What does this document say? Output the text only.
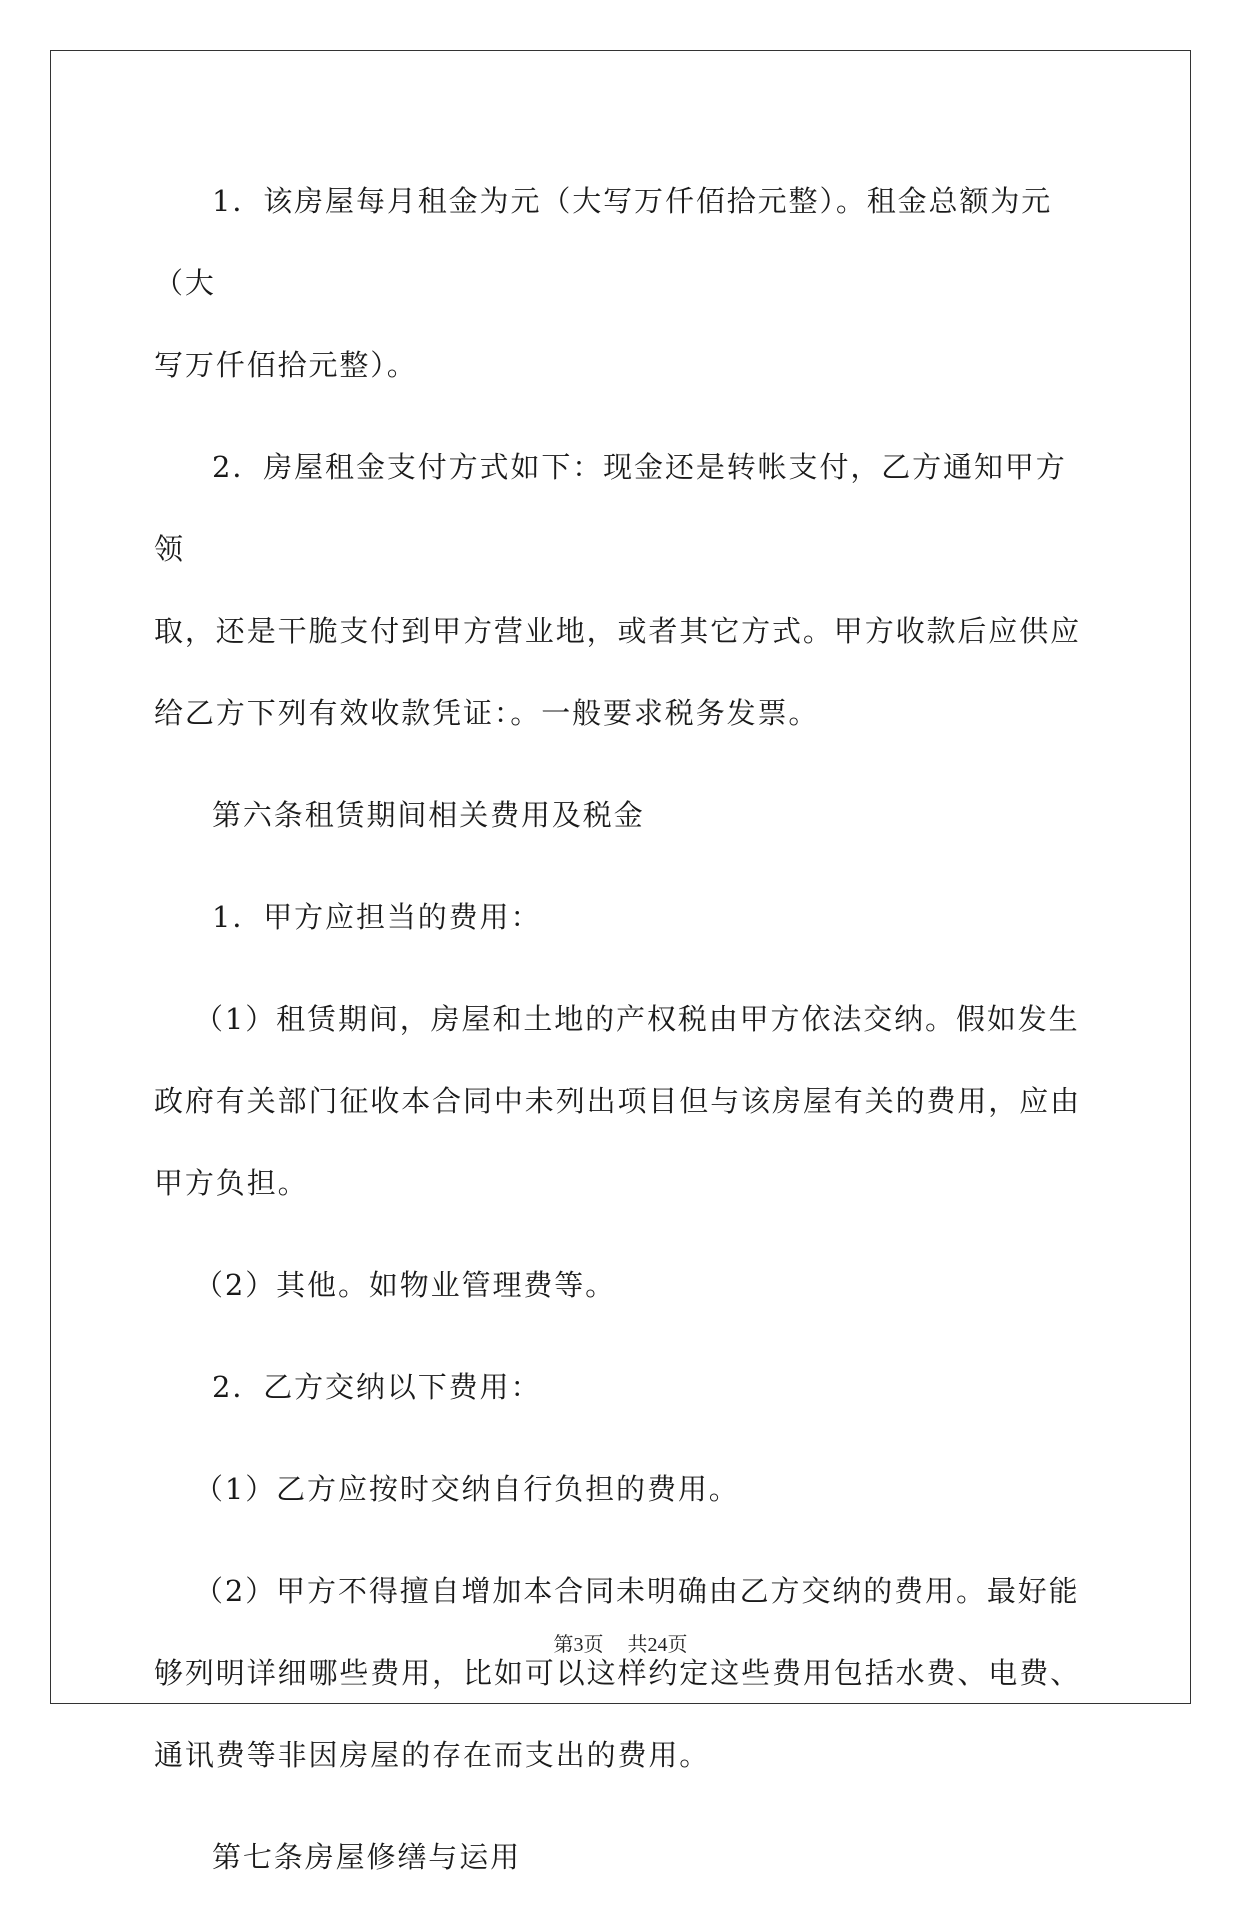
1．该房屋每月租金为元（大写万仟佰拾元整）。租金总额为元（大
写万仟佰拾元整）。

2．房屋租金支付方式如下：现金还是转帐支付，乙方通知甲方领
取，还是干脆支付到甲方营业地，或者其它方式。甲方收款后应供应
给乙方下列有效收款凭证：。一般要求税务发票。

第六条租赁期间相关费用及税金

1．甲方应担当的费用：

（1）租赁期间，房屋和土地的产权税由甲方依法交纳。假如发生
政府有关部门征收本合同中未列出项目但与该房屋有关的费用，应由
甲方负担。

（2）其他。如物业管理费等。

2．乙方交纳以下费用：

（1）乙方应按时交纳自行负担的费用。

（2）甲方不得擅自增加本合同未明确由乙方交纳的费用。最好能
够列明详细哪些费用，比如可以这样约定这些费用包括水费、电费、
通讯费等非因房屋的存在而支出的费用。

第七条房屋修缮与运用

第3页 共24页
